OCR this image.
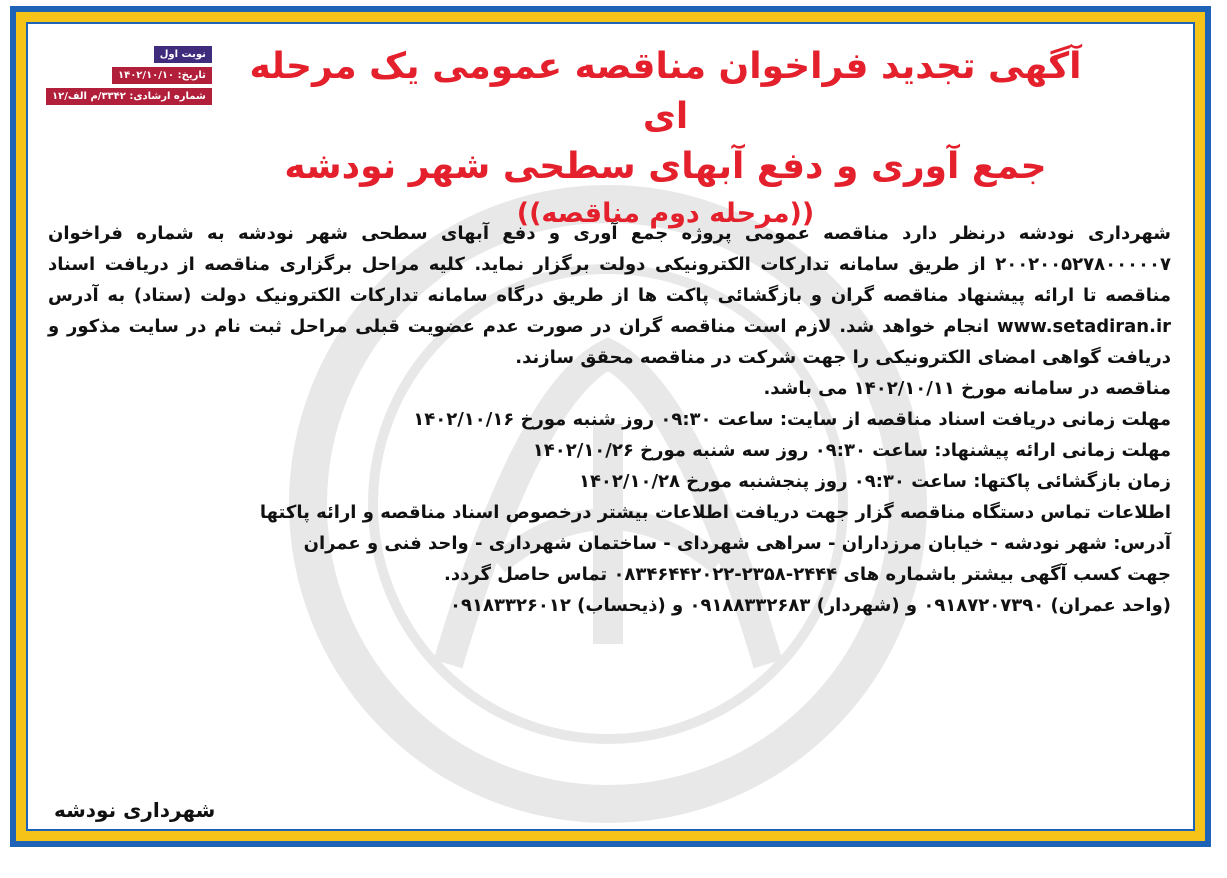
نوبت اول
تاریخ: ۱۴۰۲/۱۰/۱۰
شماره ارشادی: ۳۳۴۲/م الف/۱۲
آگهی تجدید فراخوان مناقصه عمومی یک مرحله ای
جمع آوری و دفع آبهای سطحی شهر نودشه
((مرحله دوم مناقصه))

شهرداری نودشه درنظر دارد مناقصه عمومی پروژه جمع آوری و دفع آبهای سطحی شهر نودشه به شماره فراخوان ۲۰۰۲۰۰۵۲۷۸۰۰۰۰۰۷ از طریق سامانه تدارکات الکترونیکی دولت برگزار نماید. کلیه مراحل برگزاری مناقصه از دریافت اسناد مناقصه تا ارائه پیشنهاد مناقصه گران و بازگشائی پاکت ها از طریق درگاه سامانه تدارکات الکترونیک دولت (ستاد) به آدرس www.setadiran.ir انجام خواهد شد. لازم است مناقصه گران در صورت عدم عضویت قبلی مراحل ثبت نام در سایت مذکور و دریافت گواهی امضای الکترونیکی را جهت شرکت در مناقصه محقق سازند.

مناقصه در سامانه مورخ ۱۴۰۲/۱۰/۱۱ می باشد.

مهلت زمانی دریافت اسناد مناقصه از سایت: ساعت ۰۹:۳۰ روز شنبه مورخ ۱۴۰۲/۱۰/۱۶

مهلت زمانی ارائه پیشنهاد: ساعت ۰۹:۳۰ روز سه شنبه مورخ ۱۴۰۲/۱۰/۲۶

زمان بازگشائی پاکتها: ساعت ۰۹:۳۰ روز پنجشنبه مورخ ۱۴۰۲/۱۰/۲۸

اطلاعات تماس دستگاه مناقصه گزار جهت دریافت اطلاعات بیشتر درخصوص اسناد مناقصه و ارائه پاکتها

آدرس: شهر نودشه - خیابان مرزداران - سراهی شهردای - ساختمان شهرداری - واحد فنی و عمران

جهت کسب آگهی بیشتر باشماره های ۲۴۴۴-۲۳۵۸-۰۸۳۴۶۴۴۲۰۲۲ تماس حاصل گردد.

(واحد عمران) ۰۹۱۸۷۲۰۷۳۹۰ و (شهردار) ۰۹۱۸۸۳۳۲۶۸۳ و (ذیحساب) ۰۹۱۸۳۳۲۶۰۱۲

شهرداری نودشه
